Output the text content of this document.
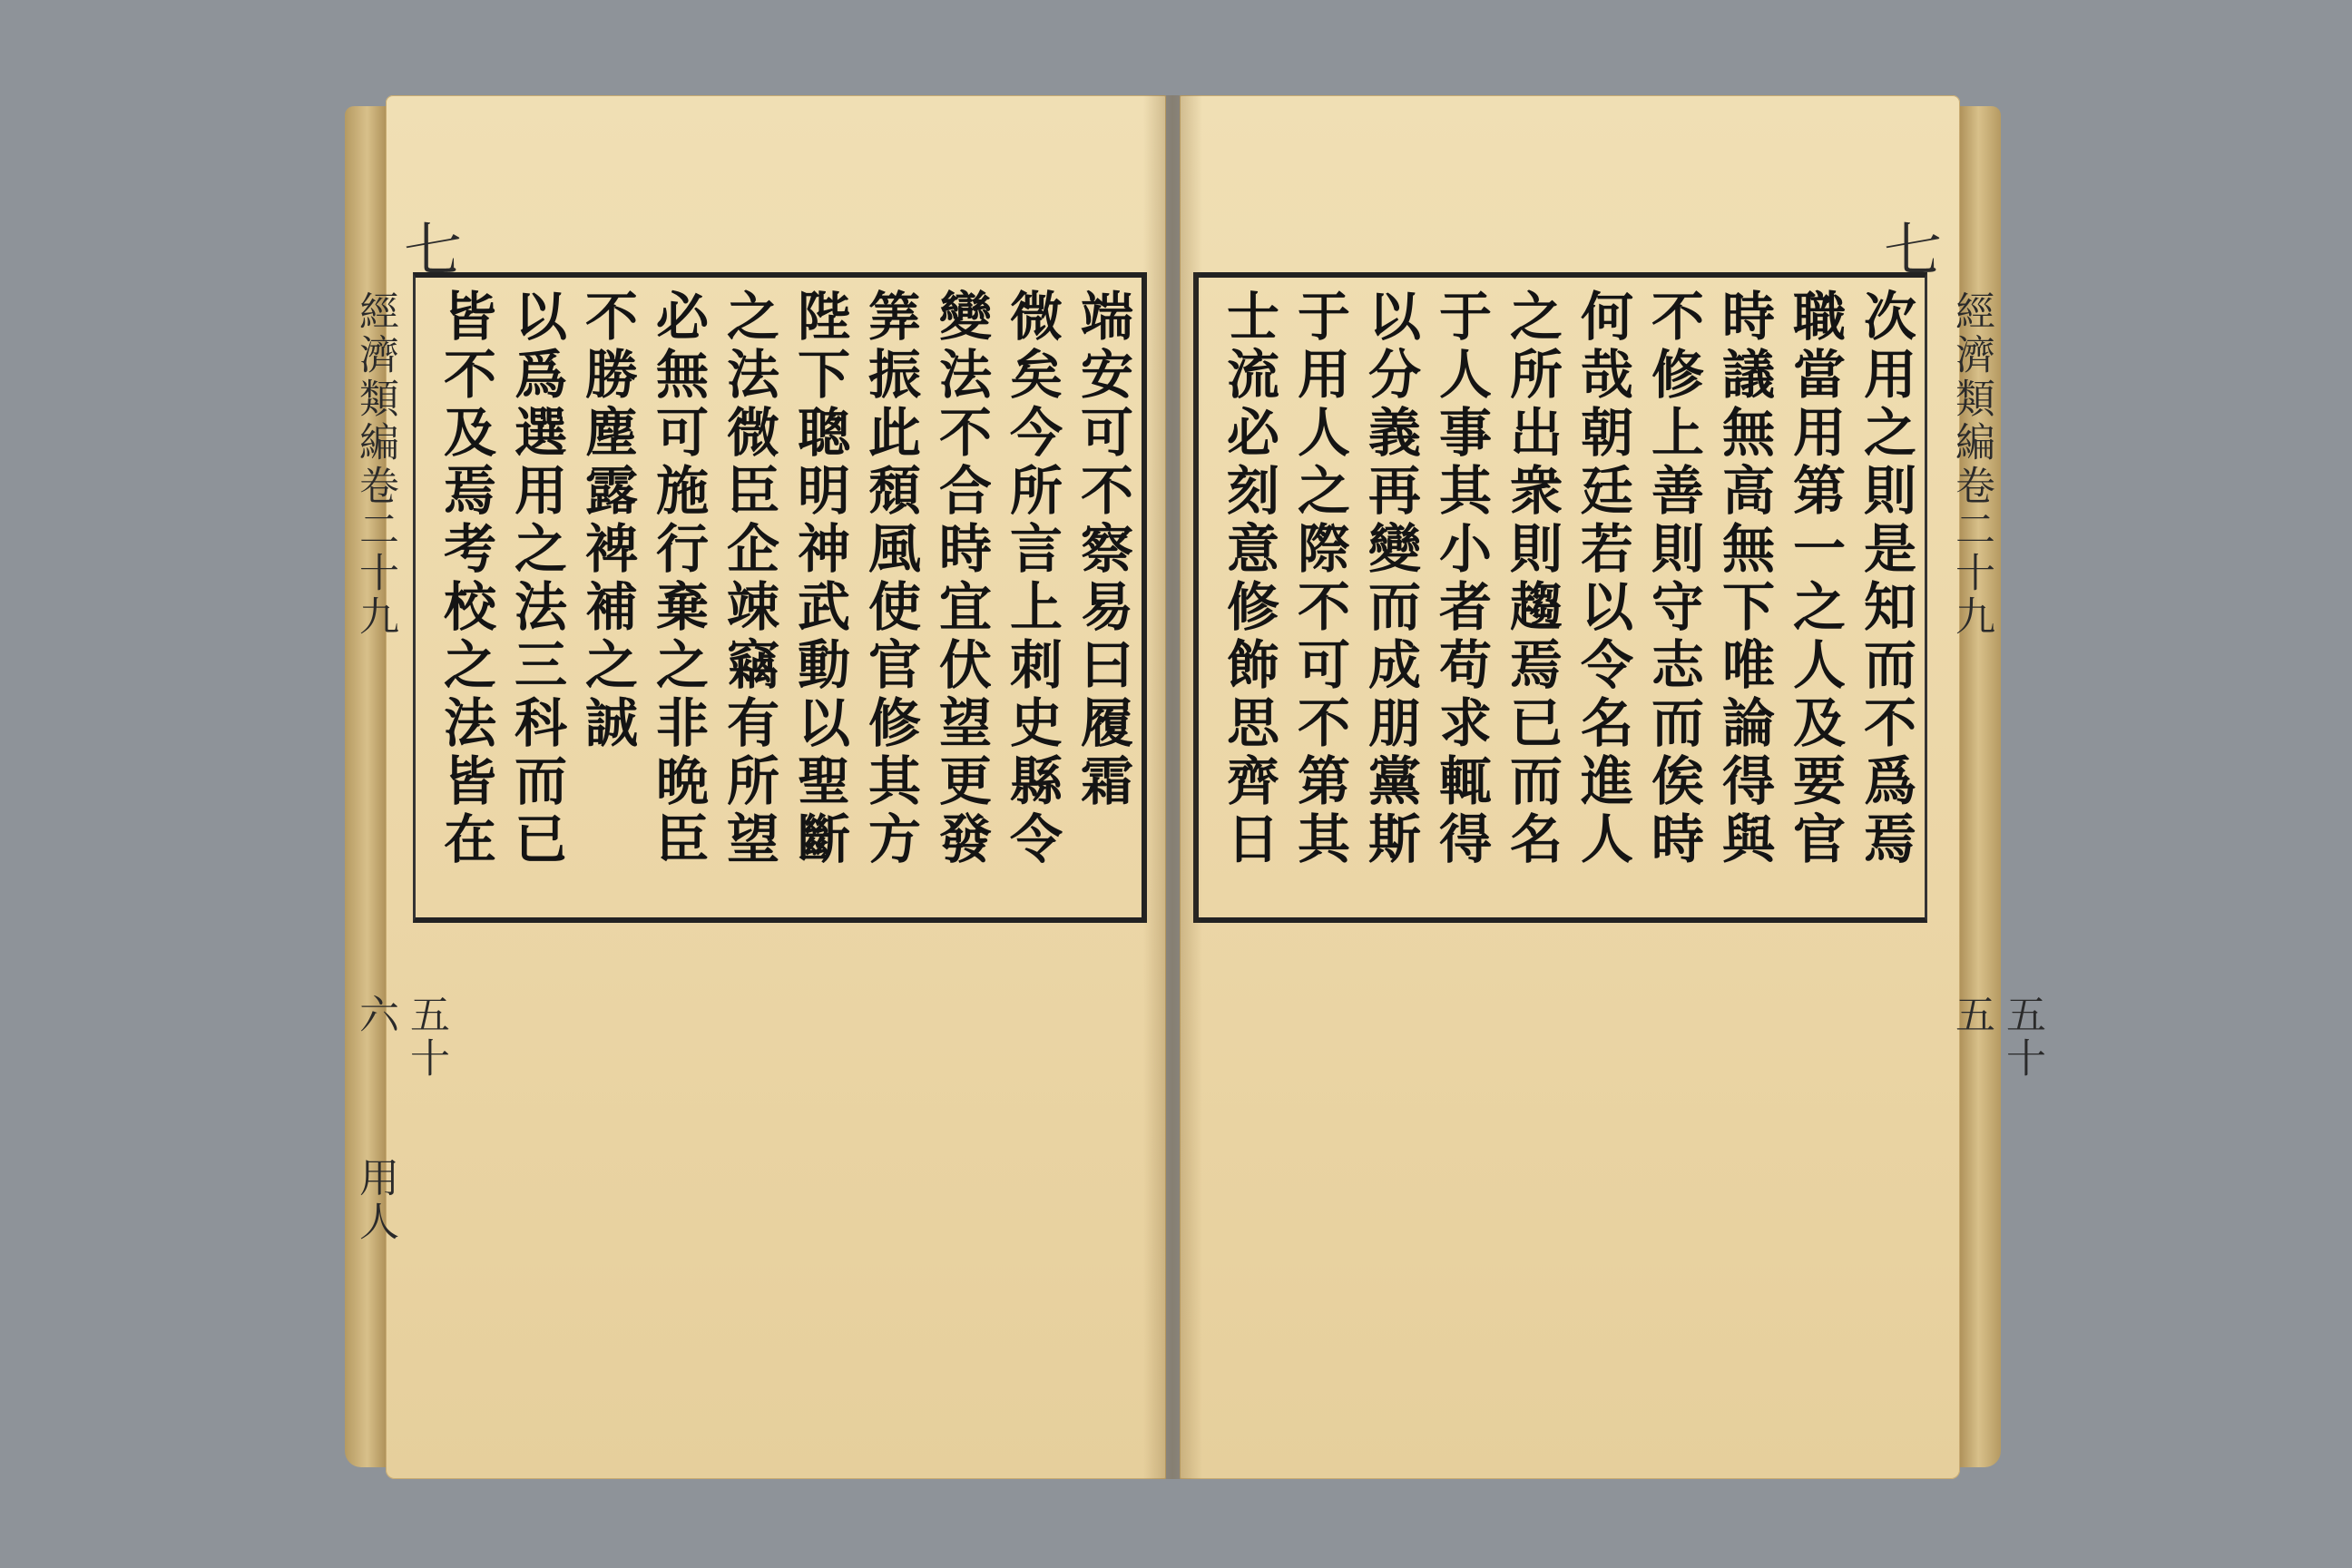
七
端安可不察易曰履霜
微矣今所言上刺史縣令
變法不合時宜伏望更發
筭振此頹風使官修其方
陛下聰明神武動以聖斷
之法微臣企竦竊有所望
必無可施行棄之非晩臣
不勝塵露裨補之誠
以爲選用之法三科而已
皆不及焉考校之法皆在
經濟類編卷二十九
五十六
用人
七
次用之則是知而不爲焉
職當用第一之人及要官
時議無高無下唯論得與
不修上善則守志而俟時
何哉朝廷若以令名進人
之所出衆則趨焉已而名
于人事其小者苟求輒得
以分義再變而成朋黨斯
于用人之際不可不第其
士流必刻意修飾思齊日
經濟類編卷二十九
五十五
